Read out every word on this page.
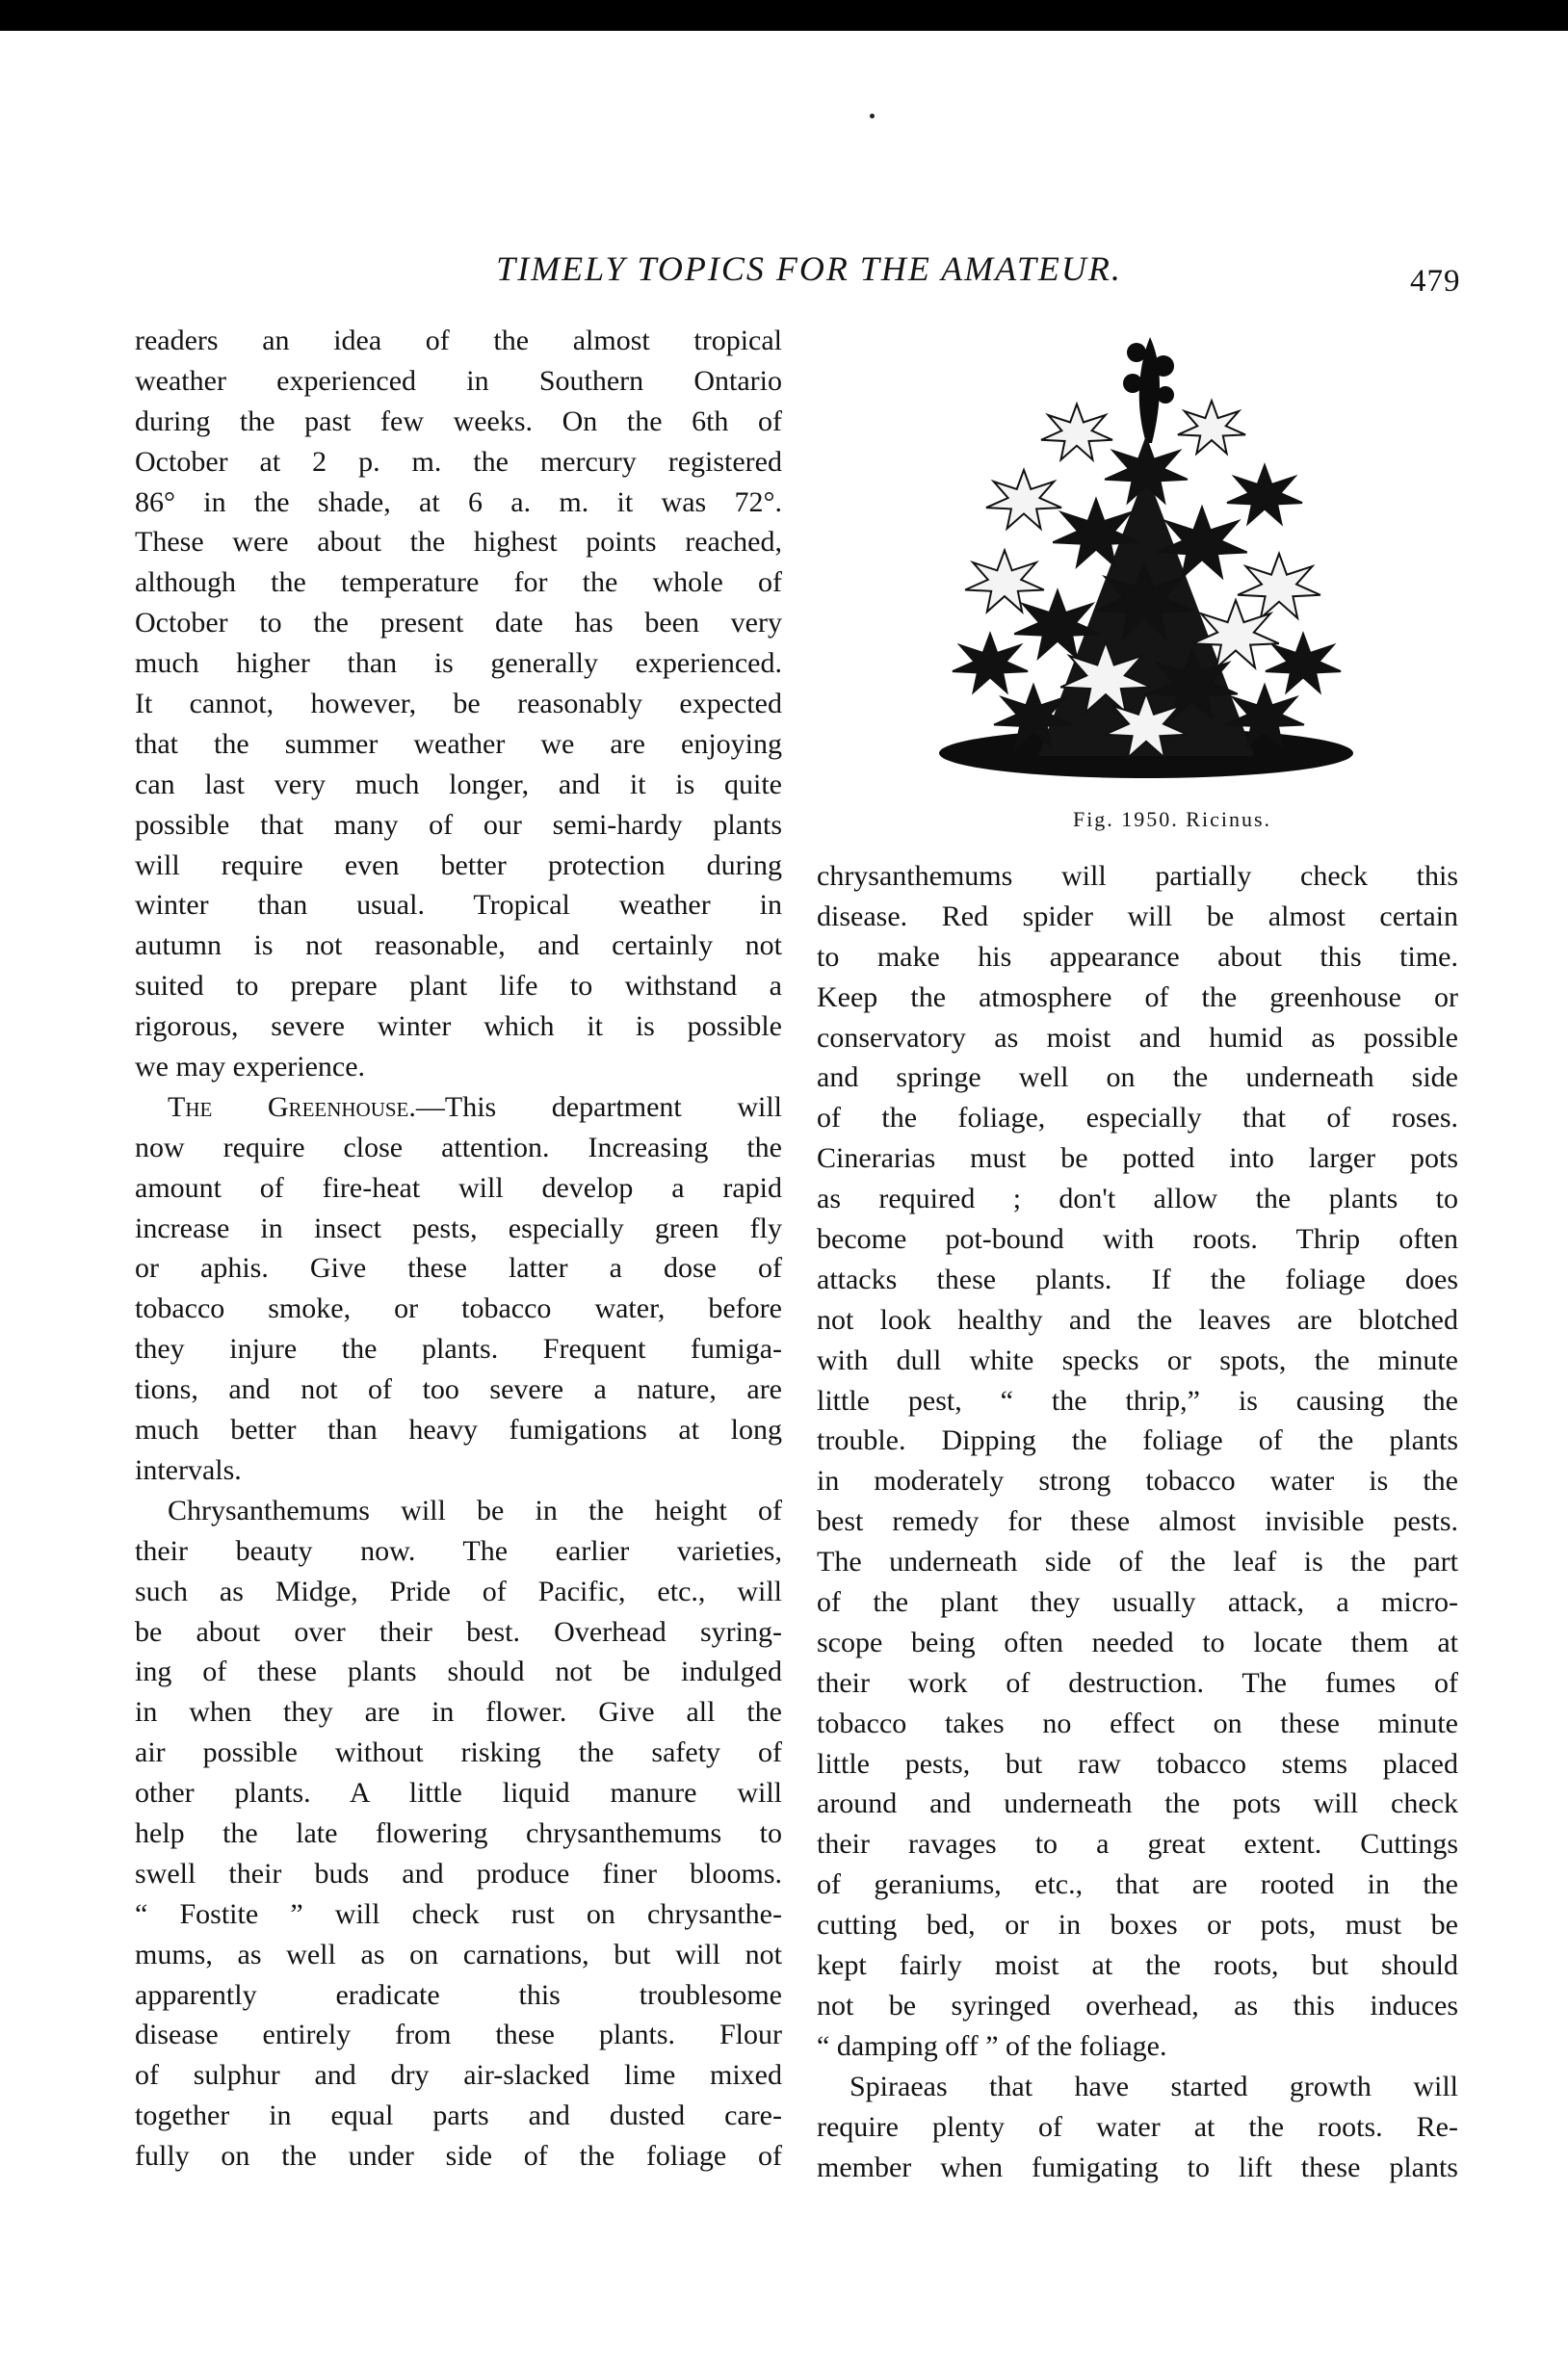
TIMELY TOPICS FOR THE AMATEUR.	479
readers an idea of the almost tropical
weather experienced in Southern Ontario
during the past few weeks. On the 6th of
October at 2 p. m. the mercury registered
86° in the shade, at 6 a. m. it was 72°.
These were about the highest points reached,
although the temperature for the whole of
October to the present date has been very
much higher than is generally experienced.
It cannot, however, be reasonably expected
that the summer weather we are enjoying
can last very much longer, and it is quite
possible that many of our semi-hardy plants
will require even better protection during
winter than usual. Tropical weather in
autumn is not reasonable, and certainly not
suited to prepare plant life to withstand a
rigorous, severe winter which it is possible
we may experience.
The Greenhouse.—This department will
now require close attention. Increasing the
amount of fire-heat will develop a rapid
increase in insect pests, especially green fly
or aphis. Give these latter a dose of
tobacco smoke, or tobacco water, before
they injure the plants. Frequent fumiga-
tions, and not of too severe a nature, are
much better than heavy fumigations at long
intervals.
Chrysanthemums will be in the height of
their beauty now. The earlier varieties,
such as Midge, Pride of Pacific, etc., will
be about over their best. Overhead syring-
ing of these plants should not be indulged
in when they are in flower. Give all the
air possible without risking the safety of
other plants. A little liquid manure will
help the late flowering chrysanthemums to
swell their buds and produce finer blooms.
“ Fostite ” will check rust on chrysanthe-
mums, as well as on carnations, but will not
apparently eradicate this troublesome
disease entirely from these plants. Flour
of sulphur and dry air-slacked lime mixed
together in equal parts and dusted care-
fully on the under side of the foliage of
Fig. 1950. Ricinus.
chrysanthemums will partially check this
disease. Red spider will be almost certain
to make his appearance about this time.
Keep the atmosphere of the greenhouse or
conservatory as moist and humid as possible
and springe well on the underneath side
of the foliage, especially that of roses.
Cinerarias must be potted into larger pots
as required ; don't allow the plants to
become pot-bound with roots. Thrip often
attacks these plants. If the foliage does
not look healthy and the leaves are blotched
with dull white specks or spots, the minute
little pest, “ the thrip,” is causing the
trouble. Dipping the foliage of the plants
in moderately strong tobacco water is the
best remedy for these almost invisible pests.
The underneath side of the leaf is the part
of the plant they usually attack, a micro-
scope being often needed to locate them at
their work of destruction. The fumes of
tobacco takes no effect on these minute
little pests, but raw tobacco stems placed
around and underneath the pots will check
their ravages to a great extent. Cuttings
of geraniums, etc., that are rooted in the
cutting bed, or in boxes or pots, must be
kept fairly moist at the roots, but should
not be syringed overhead, as this induces
“ damping off ” of the foliage.
Spiraeas that have started growth will
require plenty of water at the roots. Re-
member when fumigating to lift these plants
